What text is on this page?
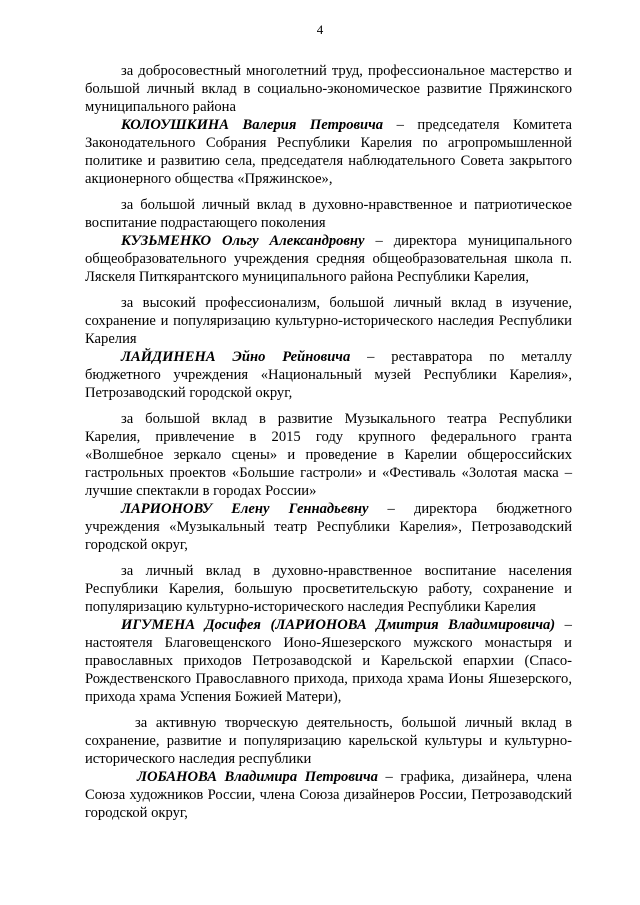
4

за добросовестный многолетний труд, профессиональное мастерство и большой личный вклад в социально-экономическое развитие Пряжинского муниципального района

КОЛОУШКИНА Валерия Петровича – председателя Комитета Законодательного Собрания Республики Карелия по агропромышленной политике и развитию села, председателя наблюдательного Совета закрытого акционерного общества «Пряжинское»,

за большой личный вклад в духовно-нравственное и патриотическое воспитание подрастающего поколения

КУЗЬМЕНКО Ольгу Александровну – директора муниципального общеобразовательного учреждения средняя общеобразовательная школа п. Ляскеля Питкярантского муниципального района Республики Карелия,

за высокий профессионализм, большой личный вклад в изучение, сохранение и популяризацию культурно-исторического наследия Республики Карелия

ЛАЙДИНЕНА Эйно Рейновича – реставратора по металлу бюджетного учреждения «Национальный музей Республики Карелия», Петрозаводский городской округ,

за большой вклад в развитие Музыкального театра Республики Карелия, привлечение в 2015 году крупного федерального гранта «Волшебное зеркало сцены» и проведение в Карелии общероссийских гастрольных проектов «Большие гастроли» и «Фестиваль «Золотая маска – лучшие спектакли в городах России»

ЛАРИОНОВУ Елену Геннадьевну – директора бюджетного учреждения «Музыкальный театр Республики Карелия», Петрозаводский городской округ,

за личный вклад в духовно-нравственное воспитание населения Республики Карелия, большую просветительскую работу, сохранение и популяризацию культурно-исторического наследия Республики Карелия

ИГУМЕНА Досифея (ЛАРИОНОВА Дмитрия Владимировича) – настоятеля Благовещенского Ионо-Яшезерского мужского монастыря и православных приходов Петрозаводской и Карельской епархии (Спасо-Рождественского Православного прихода, прихода храма Ионы Яшезерского, прихода храма Успения Божией Матери),

за активную творческую деятельность, большой личный вклад в сохранение, развитие и популяризацию карельской культуры и культурно-исторического наследия республики

ЛОБАНОВА Владимира Петровича – графика, дизайнера, члена Союза художников России, члена Союза дизайнеров России, Петрозаводский городской округ,
